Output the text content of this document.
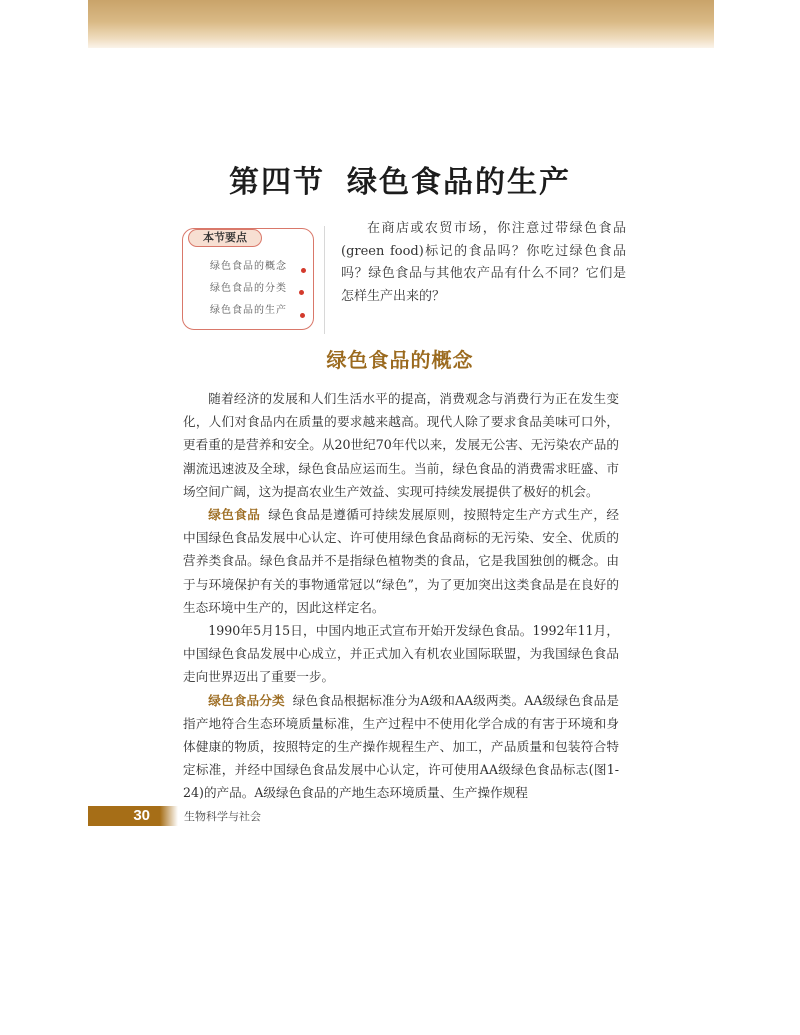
第四节 绿色食品的生产
本节要点
绿色食品的概念
绿色食品的分类
绿色食品的生产
在商店或农贸市场，你注意过带绿色食品(green food)标记的食品吗？你吃过绿色食品吗？绿色食品与其他农产品有什么不同？它们是怎样生产出来的？
绿色食品的概念

随着经济的发展和人们生活水平的提高，消费观念与消费行为正在发生变化，人们对食品内在质量的要求越来越高。现代人除了要求食品美味可口外，更看重的是营养和安全。从20世纪70年代以来，发展无公害、无污染农产品的潮流迅速波及全球，绿色食品应运而生。当前，绿色食品的消费需求旺盛、市场空间广阔，这为提高农业生产效益、实现可持续发展提供了极好的机会。

绿色食品 绿色食品是遵循可持续发展原则，按照特定生产方式生产，经中国绿色食品发展中心认定、许可使用绿色食品商标的无污染、安全、优质的营养类食品。绿色食品并不是指绿色植物类的食品，它是我国独创的概念。由于与环境保护有关的事物通常冠以“绿色”，为了更加突出这类食品是在良好的生态环境中生产的，因此这样定名。

1990年5月15日，中国内地正式宣布开始开发绿色食品。1992年11月，中国绿色食品发展中心成立，并正式加入有机农业国际联盟，为我国绿色食品走向世界迈出了重要一步。

绿色食品分类 绿色食品根据标准分为A级和AA级两类。AA级绿色食品是指产地符合生态环境质量标准，生产过程中不使用化学合成的有害于环境和身体健康的物质，按照特定的生产操作规程生产、加工，产品质量和包装符合特定标准，并经中国绿色食品发展中心认定，许可使用AA级绿色食品标志(图1-24)的产品。A级绿色食品的产地生态环境质量、生产操作规程

30	生物科学与社会
